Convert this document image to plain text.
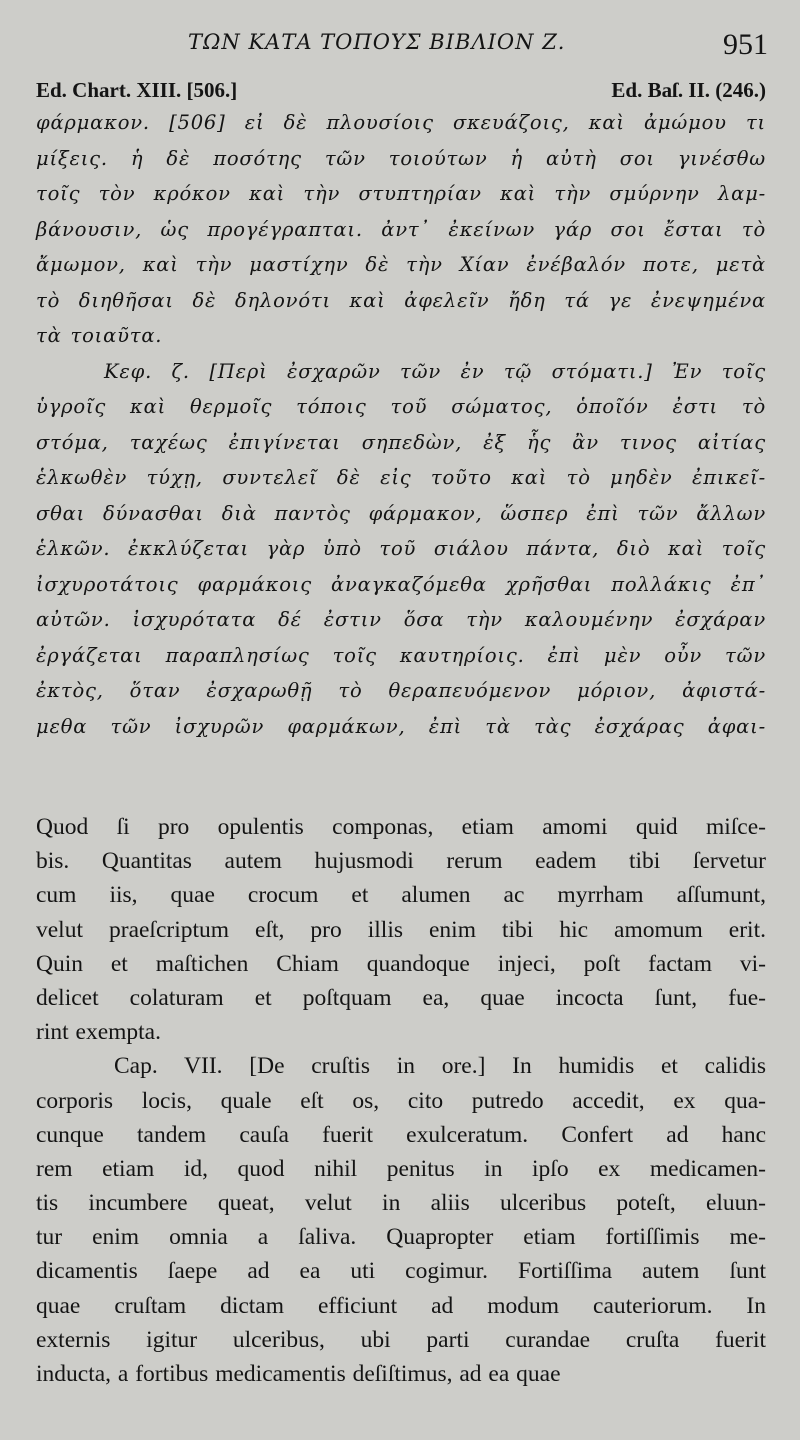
ΤΩΝ ΚΑΤΑ ΤΟΠΟΥΣ ΒΙΒΛΙΟΝ Ζ.	951
Ed. Chart. XIII. [506.]	Ed. Baſ. II. (246.)
φάρμακον. [506] εἰ δὲ πλουσίοις σκευάζοις, καὶ ἀμώμου τι
μίξεις. ἡ δὲ ποσότης τῶν τοιούτων ἡ αὐτὴ σοι γινέσθω
τοῖς τὸν κρόκον καὶ τὴν στυπτηρίαν καὶ τὴν σμύρνην λαμ-
βάνουσιν, ὡς προγέγραπται. ἀντ᾿ ἐκείνων γάρ σοι ἔσται τὸ
ἄμωμον, καὶ τὴν μαστίχην δὲ τὴν Χίαν ἐνέβαλόν ποτε, μετὰ
τὸ διηθῆσαι δὲ δηλονότι καὶ ἀφελεῖν ἤδη τά γε ἐνεψημένα
τὰ τοιαῦτα.
Κεφ. ζ. [Περὶ ἐσχαρῶν τῶν ἐν τῷ στόματι.] Ἐν τοῖς
ὑγροῖς καὶ θερμοῖς τόποις τοῦ σώματος, ὁποῖόν ἐστι τὸ
στόμα, ταχέως ἐπιγίνεται σηπεδὼν, ἐξ ἧς ἂν τινος αἰτίας
ἑλκωθὲν τύχῃ, συντελεῖ δὲ εἰς τοῦτο καὶ τὸ μηδὲν ἐπικεῖ-
σθαι δύνασθαι διὰ παντὸς φάρμακον, ὥσπερ ἐπὶ τῶν ἄλλων
ἑλκῶν. ἐκκλύζεται γὰρ ὑπὸ τοῦ σιάλου πάντα, διὸ καὶ τοῖς
ἰσχυροτάτοις φαρμάκοις ἀναγκαζόμεθα χρῆσθαι πολλάκις ἐπ᾿
αὐτῶν. ἰσχυρότατα δέ ἐστιν ὅσα τὴν καλουμένην ἐσχάραν
ἐργάζεται παραπλησίως τοῖς καυτηρίοις. ἐπὶ μὲν οὖν τῶν
ἐκτὸς, ὅταν ἐσχαρωθῇ τὸ θεραπευόμενον μόριον, ἀφιστά-
μεθα τῶν ἰσχυρῶν φαρμάκων, ἐπὶ τὰ τὰς ἐσχάρας ἀφαι-
Quod ſi pro opulentis componas, etiam amomi quid miſce-
bis. Quantitas autem hujusmodi rerum eadem tibi ſervetur
cum iis, quae crocum et alumen ac myrrham aſſumunt,
velut praeſcriptum eſt, pro illis enim tibi hic amomum erit.
Quin et maſtichen Chiam quandoque injeci, poſt factam vi-
delicet colaturam et poſtquam ea, quae incocta ſunt, fue-
rint exempta.
Cap. VII. [De cruſtis in ore.] In humidis et calidis
corporis locis, quale eſt os, cito putredo accedit, ex qua-
cunque tandem cauſa fuerit exulceratum. Confert ad hanc
rem etiam id, quod nihil penitus in ipſo ex medicamen-
tis incumbere queat, velut in aliis ulceribus poteſt, eluun-
tur enim omnia a ſaliva. Quapropter etiam fortiſſimis me-
dicamentis ſaepe ad ea uti cogimur. Fortiſſima autem ſunt
quae cruſtam dictam efficiunt ad modum cauteriorum. In
externis igitur ulceribus, ubi parti curandae cruſta fuerit
inducta, a fortibus medicamentis deſiſtimus, ad ea quae
